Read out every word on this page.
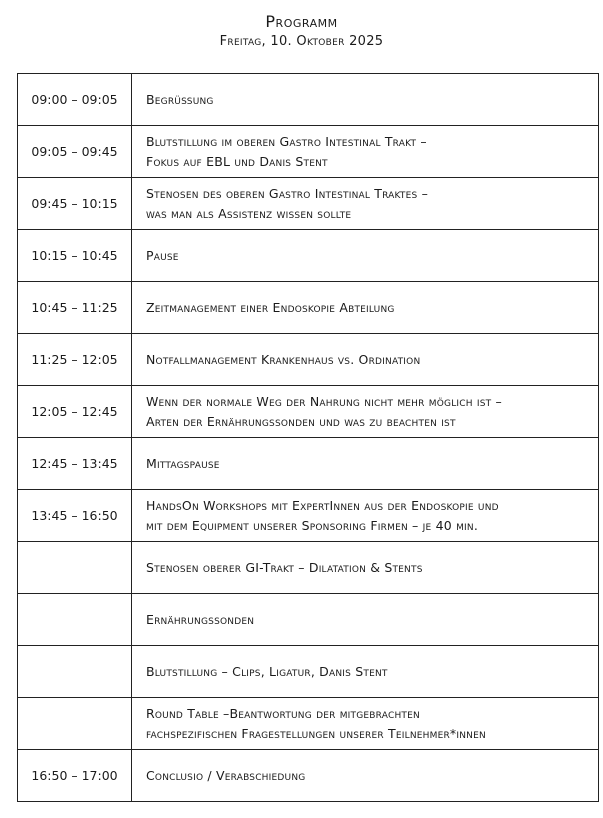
Programm
Freitag, 10. Oktober 2025
09:00 – 09:05	Begrüßung

09:05 – 09:45	Blutstillung im oberen Gastro Intestinal Trakt –
Fokus auf EBL und Danis Stent

09:45 – 10:15	Stenosen des oberen Gastro Intestinal Traktes –
was man als Assistenz wissen sollte

10:15 – 10:45	Pause

10:45 – 11:25	Zeitmanagement einer Endoskopie Abteilung

11:25 – 12:05	Notfallmanagement Krankenhaus vs. Ordination

12:05 – 12:45	Wenn der normale Weg der Nahrung nicht mehr möglich ist –
Arten der Ernährungssonden und was zu beachten ist

12:45 – 13:45	Mittagspause

13:45 – 16:50	HandsOn Workshops mit ExpertInnen aus der Endoskopie und
mit dem Equipment unserer Sponsoring Firmen – je 40 min.

	Stenosen oberer GI-Trakt – Dilatation & Stents

	Ernährungssonden

	Blutstillung – Clips, Ligatur, Danis Stent

	Round Table –Beantwortung der mitgebrachten
fachspezifischen Fragestellungen unserer Teilnehmer*innen

16:50 – 17:00	Conclusio / Verabschiedung
